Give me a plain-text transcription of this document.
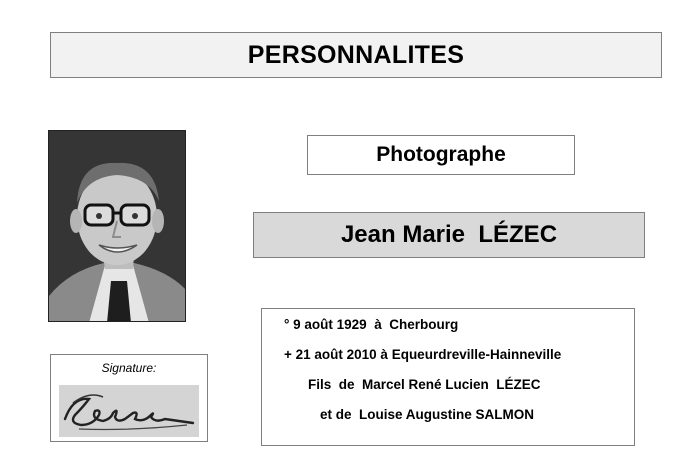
PERSONNALITES
Photographe
Jean Marie  LÉZEC
Signature:
° 9 août 1929  à  Cherbourg
+ 21 août 2010 à Equeurdreville-Hainneville
Fils  de  Marcel René Lucien  LÉZEC
et de  Louise Augustine SALMON
